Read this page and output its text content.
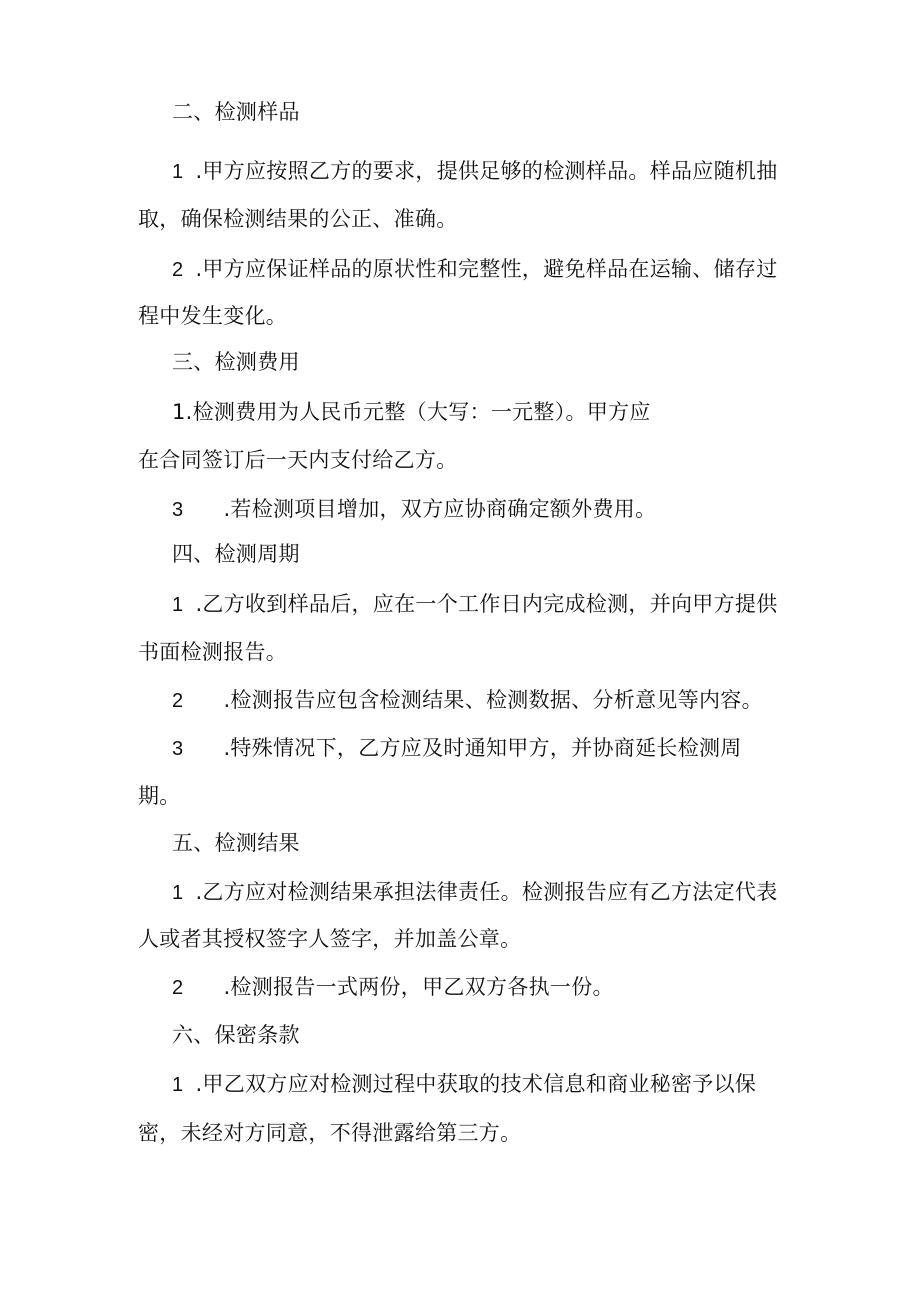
二、检测样品
1 .甲方应按照乙方的要求，提供足够的检测样品。样品应随机抽
取，确保检测结果的公正、准确。
2 .甲方应保证样品的原状性和完整性，避免样品在运输、储存过
程中发生变化。
三、检测费用
1.检测费用为人民币元整（大写：一元整）。甲方应
在合同签订后一天内支付给乙方。
3 .若检测项目增加，双方应协商确定额外费用。
四、检测周期
1 .乙方收到样品后，应在一个工作日内完成检测，并向甲方提供
书面检测报告。
2 .检测报告应包含检测结果、检测数据、分析意见等内容。
3 .特殊情况下，乙方应及时通知甲方，并协商延长检测周
期。
五、检测结果
1 .乙方应对检测结果承担法律责任。检测报告应有乙方法定代表
人或者其授权签字人签字，并加盖公章。
2 .检测报告一式两份，甲乙双方各执一份。
六、保密条款
1 .甲乙双方应对检测过程中获取的技术信息和商业秘密予以保
密，未经对方同意，不得泄露给第三方。
